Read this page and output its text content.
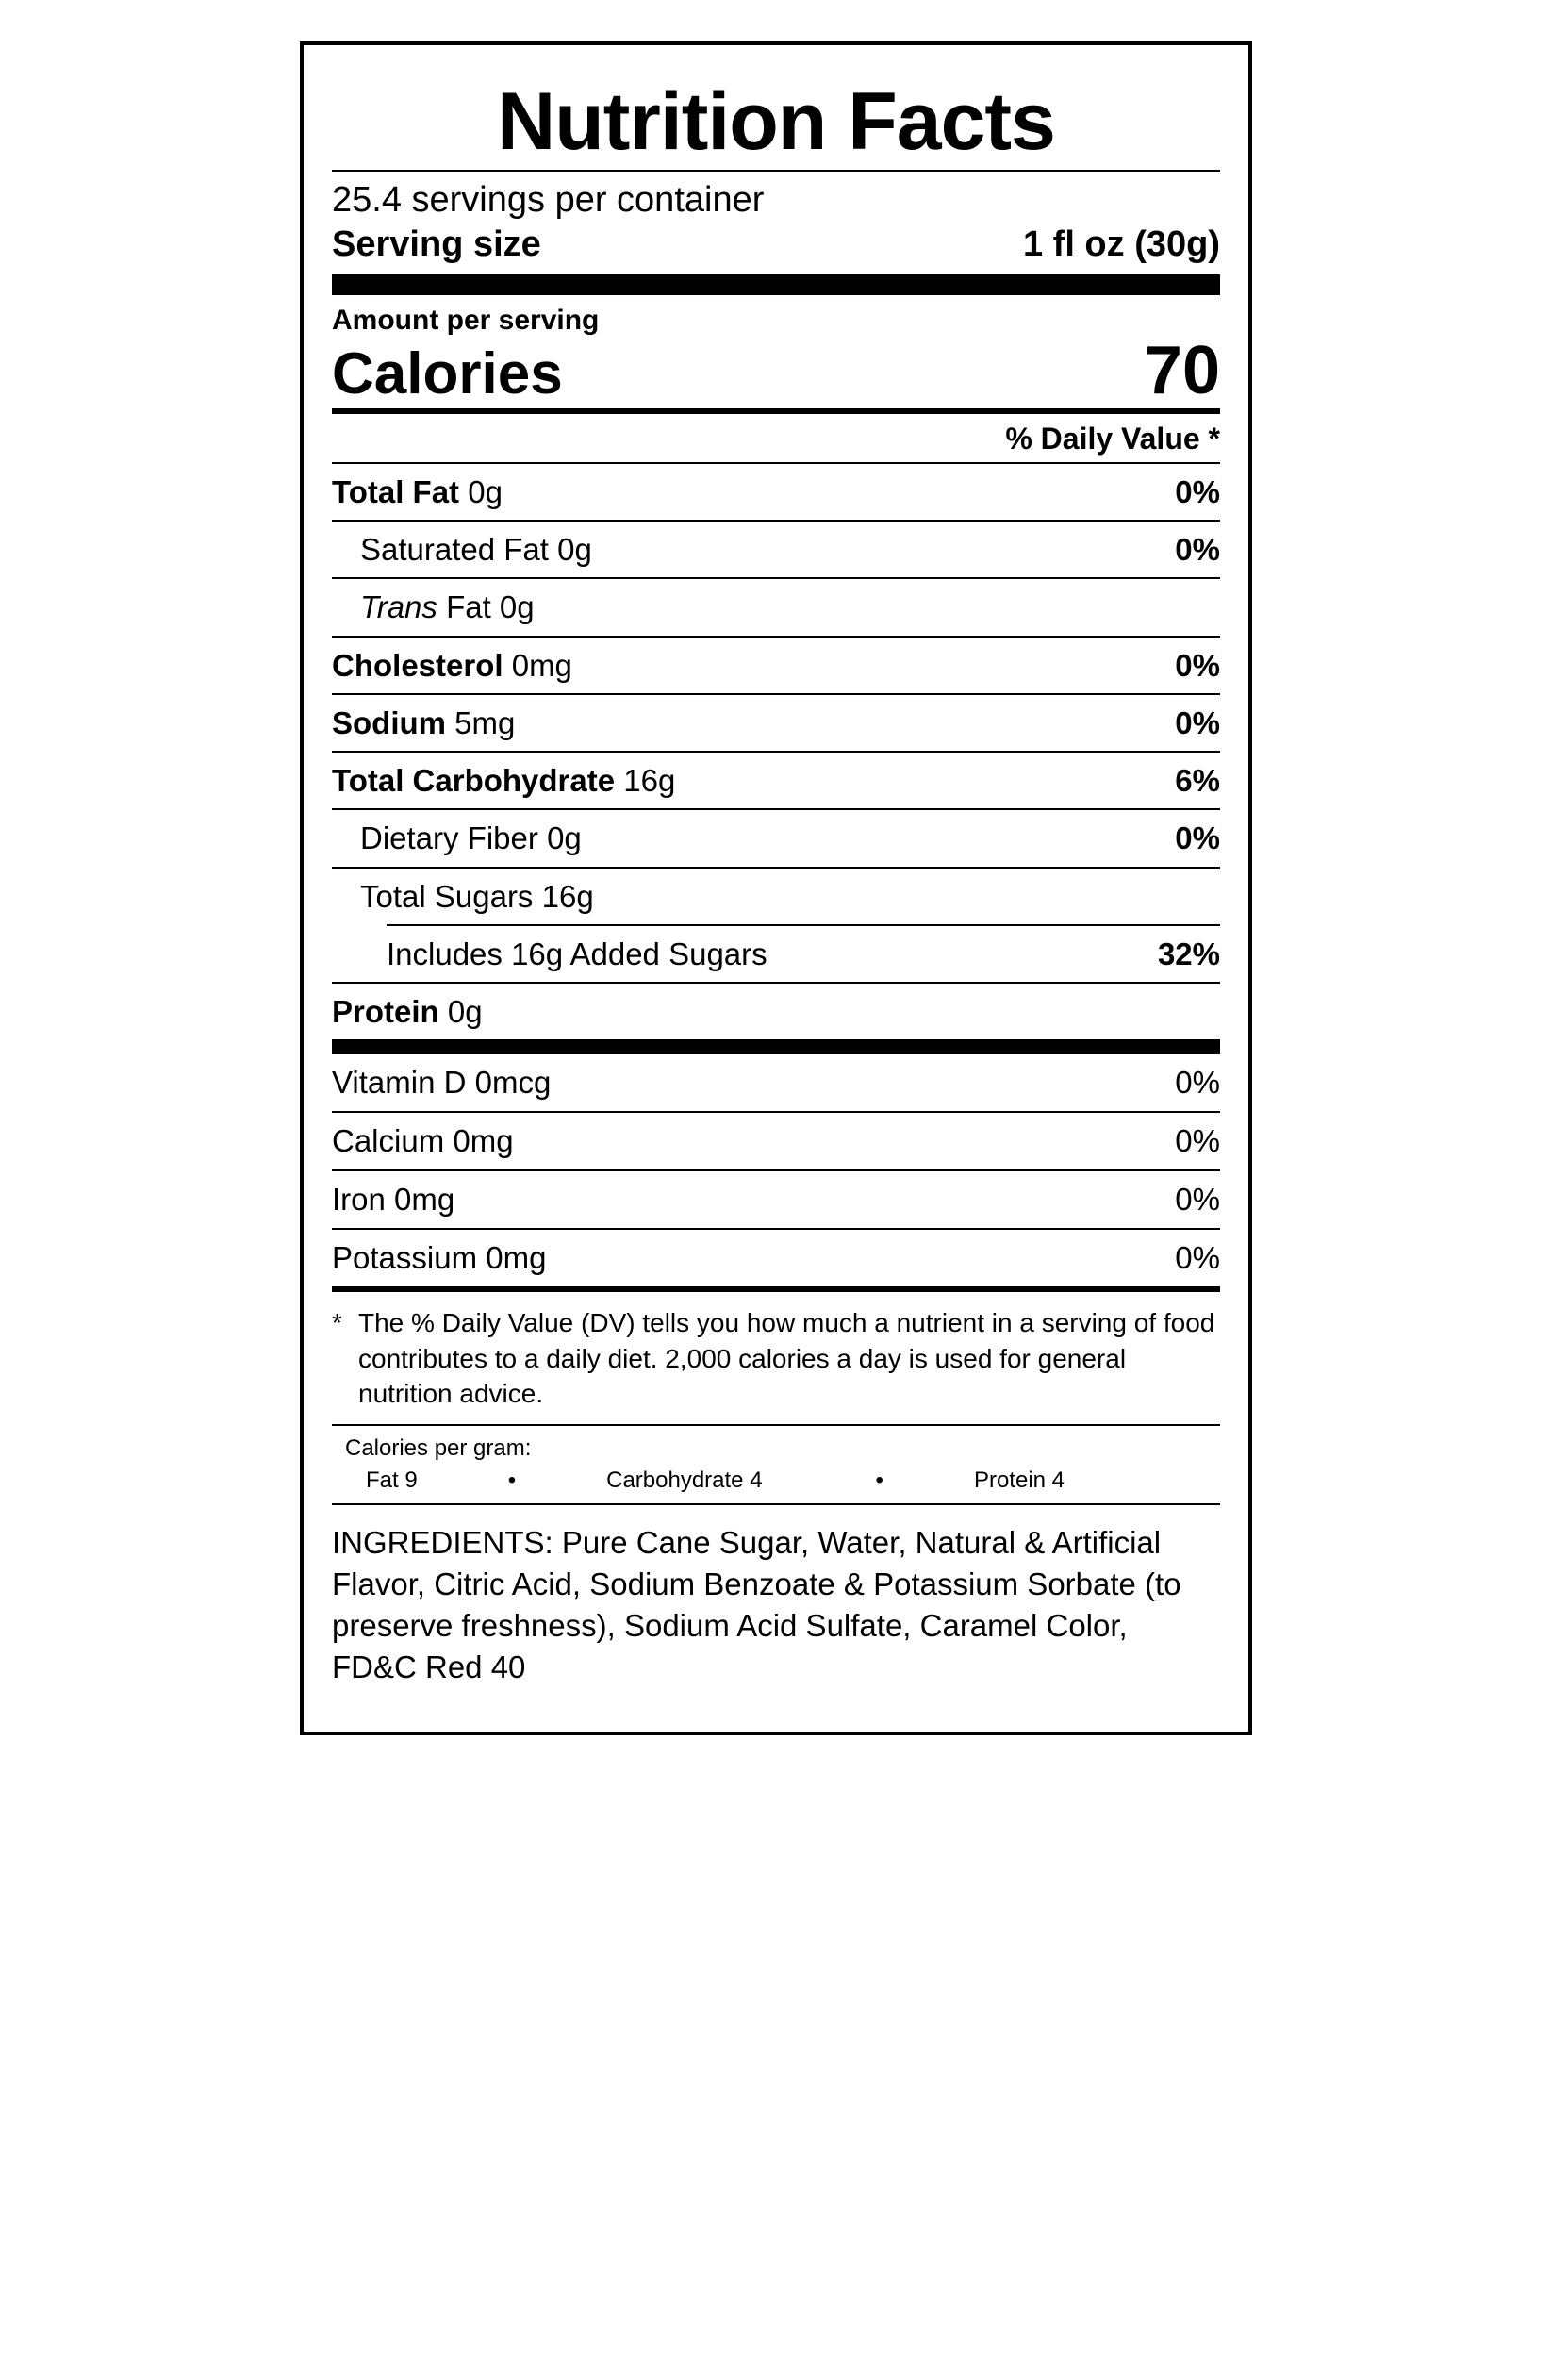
Nutrition Facts
25.4 servings per container
Serving size	1 fl oz (30g)
Amount per serving
Calories	70
% Daily Value *
Total Fat 0g	0%
Saturated Fat 0g	0%
Trans Fat 0g
Cholesterol 0mg	0%
Sodium 5mg	0%
Total Carbohydrate 16g	6%
Dietary Fiber 0g	0%
Total Sugars 16g
Includes 16g Added Sugars	32%
Protein 0g
Vitamin D 0mcg	0%
Calcium 0mg	0%
Iron 0mg	0%
Potassium 0mg	0%
* The % Daily Value (DV) tells you how much a nutrient in a serving of food contributes to a daily diet. 2,000 calories a day is used for general nutrition advice.
Calories per gram:
Fat 9	•	Carbohydrate 4	•	Protein 4
INGREDIENTS: Pure Cane Sugar, Water, Natural & Artificial Flavor, Citric Acid, Sodium Benzoate & Potassium Sorbate (to preserve freshness), Sodium Acid Sulfate, Caramel Color, FD&C Red 40
